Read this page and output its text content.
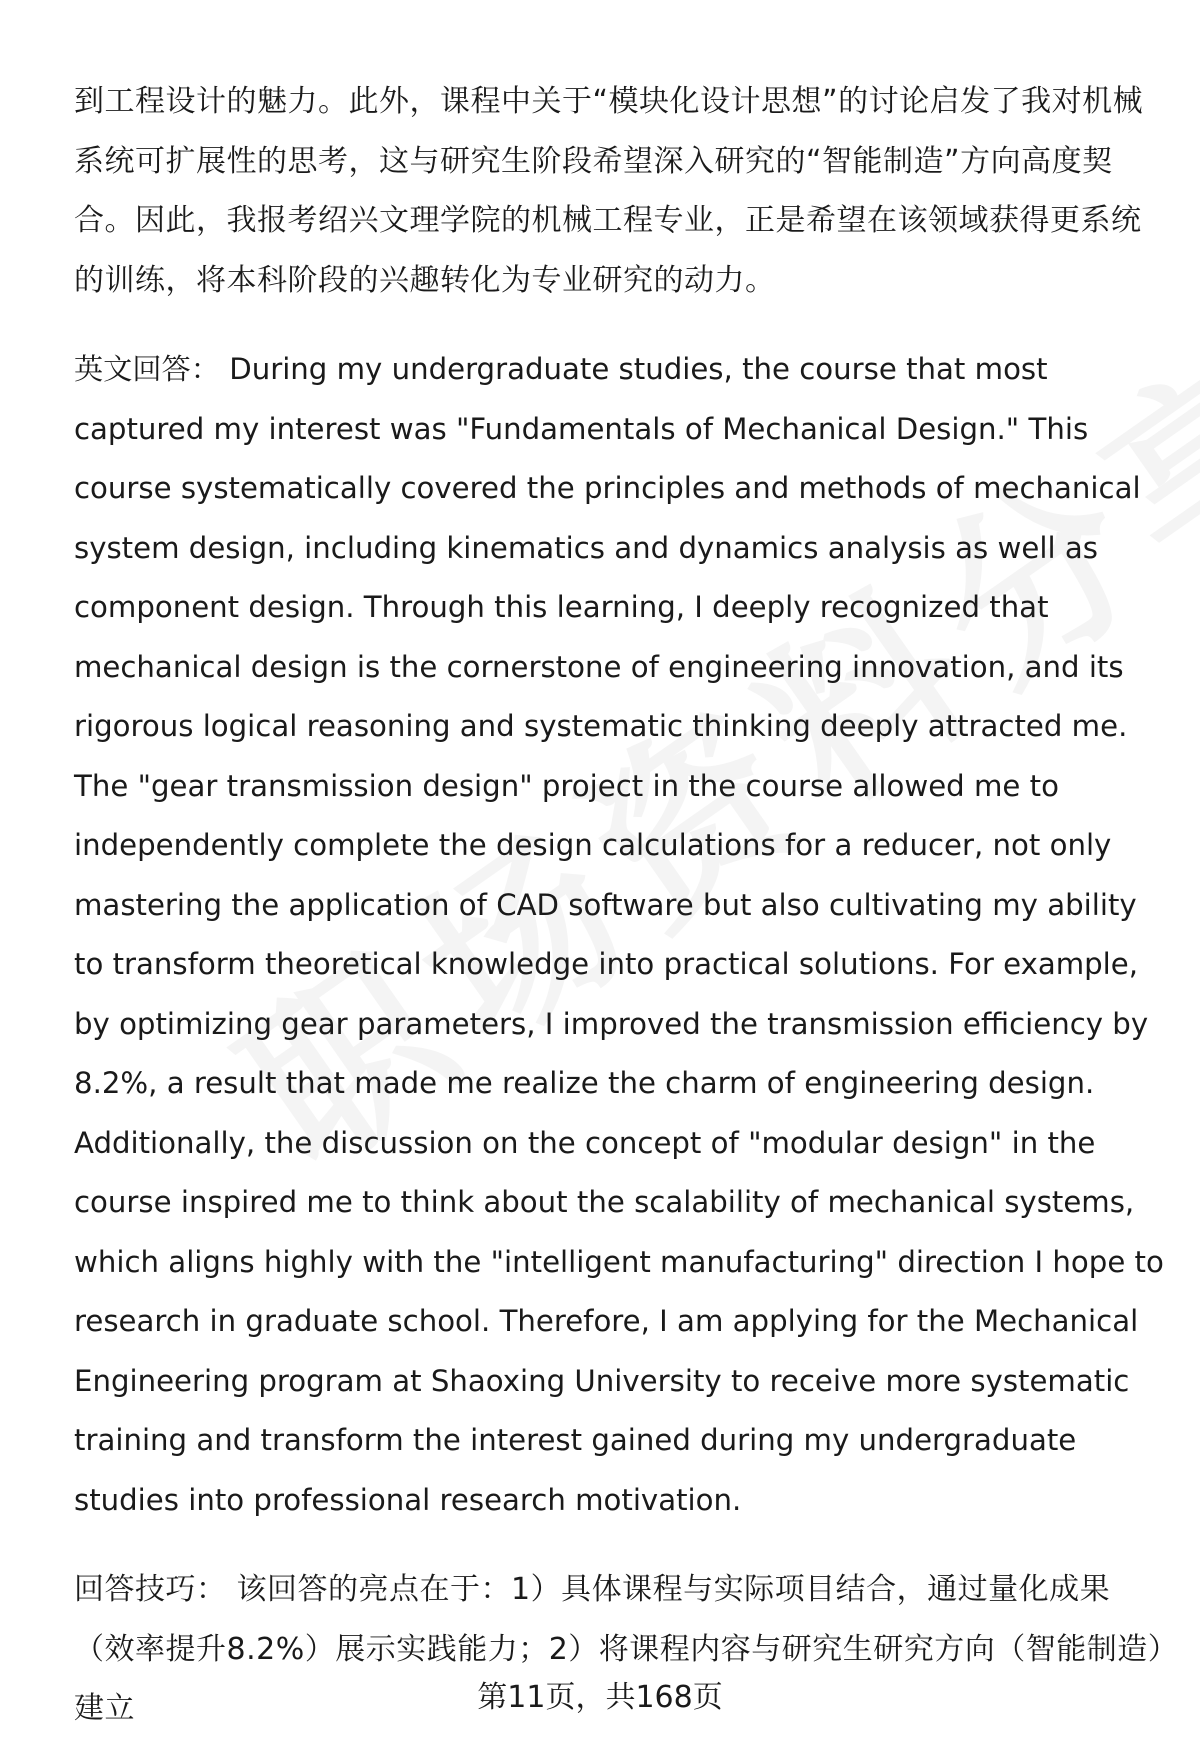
到工程设计的魅力。此外，课程中关于“模块化设计思想”的讨论启发了我对机械系统可扩展性的思考，这与研究生阶段希望深入研究的“智能制造”方向高度契合。因此，我报考绍兴文理学院的机械工程专业，正是希望在该领域获得更系统的训练，将本科阶段的兴趣转化为专业研究的动力。

英文回答： During my undergraduate studies, the course that most captured my interest was "Fundamentals of Mechanical Design." This course systematically covered the principles and methods of mechanical system design, including kinematics and dynamics analysis as well as component design. Through this learning, I deeply recognized that mechanical design is the cornerstone of engineering innovation, and its rigorous logical reasoning and systematic thinking deeply attracted me. The "gear transmission design" project in the course allowed me to independently complete the design calculations for a reducer, not only mastering the application of CAD software but also cultivating my ability to transform theoretical knowledge into practical solutions. For example, by optimizing gear parameters, I improved the transmission efficiency by 8.2%, a result that made me realize the charm of engineering design. Additionally, the discussion on the concept of "modular design" in the course inspired me to think about the scalability of mechanical systems, which aligns highly with the "intelligent manufacturing" direction I hope to research in graduate school. Therefore, I am applying for the Mechanical Engineering program at Shaoxing University to receive more systematic training and transform the interest gained during my undergraduate studies into professional research motivation.

回答技巧： 该回答的亮点在于：1）具体课程与实际项目结合，通过量化成果（效率提升8.2%）展示实践能力；2）将课程内容与研究生研究方向（智能制造）建立	第11页，共168页
